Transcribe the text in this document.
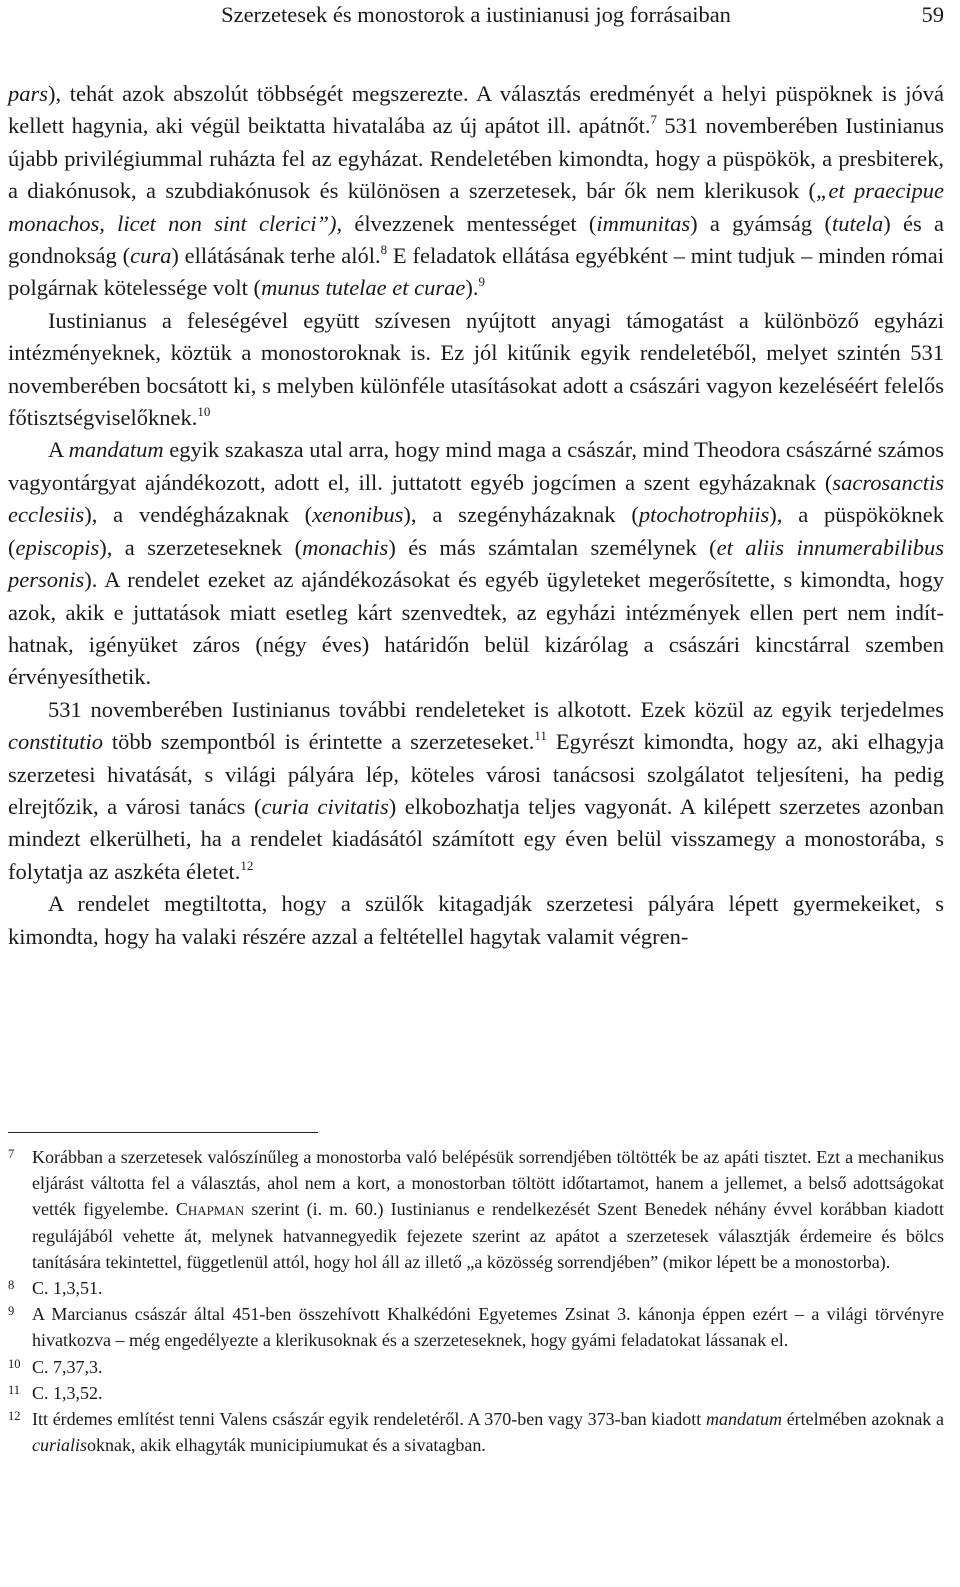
Szerzetesek és monostorok a iustinianusi jog forrásaiban	59

pars), tehát azok abszolút többségét megszerezte. A választás eredményét a helyi püspöknek is jóvá kellett hagynia, aki végül beiktatta hivatalába az új apátot ill. apátnőt.$^7$ 531 novemberében Iustinianus újabb privilégiummal ruházta fel az egyházat. Rendeletében kimondta, hogy a püspökök, a presbiterek, a diakónusok, a szubdiakónusok és különösen a szerzetesek, bár ők nem klerikusok („et praecipue monachos, licet non sint clerici”), élvezzenek mentességet (immunitas) a gyámság (tutela) és a gondnokság (cura) ellátásának terhe alól.$^8$ E feladatok ellátása egyébként – mint tudjuk – minden római polgárnak kötelessége volt (munus tutelae et curae).$^9$

Iustinianus a feleségével együtt szívesen nyújtott anyagi támogatást a különböző egyházi intézményeknek, köztük a monostoroknak is. Ez jól kitűnik egyik rendeletéből, melyet szintén 531 novemberében bocsátott ki, s melyben különféle utasításokat adott a császári vagyon kezeléséért felelős főtisztségviselőknek.$^{10}$

A mandatum egyik szakasza utal arra, hogy mind maga a császár, mind Theodora császárné számos vagyontárgyat ajándékozott, adott el, ill. juttatott egyéb jogcímen a szent egyházaknak (sacrosanctis ecclesiis), a vendégházaknak (xenonibus), a szegényházaknak (ptochotrophiis), a püspököknek (episcopis), a szerzeteseknek (monachis) és más számtalan személynek (et aliis innumerabilibus personis). A rendelet ezeket az ajándékozásokat és egyéb ügyleteket megerősítette, s kimondta, hogy azok, akik e juttatások miatt esetleg kárt szenvedtek, az egyházi intézmények ellen pert nem indíthatnak, igényüket záros (négy éves) határidőn belül kizárólag a császári kincstárral szemben érvényesíthetik.

531 novemberében Iustinianus további rendeleteket is alkotott. Ezek közül az egyik terjedelmes constitutio több szempontból is érintette a szerzeteseket.$^{11}$ Egyrészt kimondta, hogy az, aki elhagyja szerzetesi hivatását, s világi pályára lép, köteles városi tanácsosi szolgálatot teljesíteni, ha pedig elrejtőzik, a városi tanács (curia civitatis) elkobozhatja teljes vagyonát. A kilépett szerzetes azonban mindezt elkerülheti, ha a rendelet kiadásától számított egy éven belül visszamegy a monostorába, s folytatja az aszkéta életet.$^{12}$

A rendelet megtiltotta, hogy a szülők kitagadják szerzetesi pályára lépett gyermekeiket, s kimondta, hogy ha valaki részére azzal a feltétellel hagytak valamit végren-

7 Korábban a szerzetesek valószínűleg a monostorba való belépésük sorrendjében töltötték be az apáti tisztet. Ezt a mechanikus eljárást váltotta fel a választás, ahol nem a kort, a monostorban töltött időtartamot, hanem a jellemet, a belső adottságokat vették figyelembe. Chapman szerint (i. m. 60.) Iustinianus e rendelkezését Szent Benedek néhány évvel korábban kiadott regulájából vehette át, melynek hatvannegyedik fejezete szerint az apátot a szerzetesek választják érdemeire és bölcs tanítására tekintettel, függetlenül attól, hogy hol áll az illető „a közösség sorrendjében” (mikor lépett be a monostorba).

8 C. 1,3,51.

9 A Marcianus császár által 451-ben összehívott Khalkédóni Egyetemes Zsinat 3. kánonja éppen ezért – a világi törvényre hivatkozva – még engedélyezte a klerikusoknak és a szerzeteseknek, hogy gyámi feladatokat lássanak el.

10 C. 7,37,3.

11 C. 1,3,52.

12 Itt érdemes említést tenni Valens császár egyik rendeletéről. A 370-ben vagy 373-ban kiadott mandatum értelmében azoknak a curialisoknak, akik elhagyták municipiumukat és a sivatagban.
